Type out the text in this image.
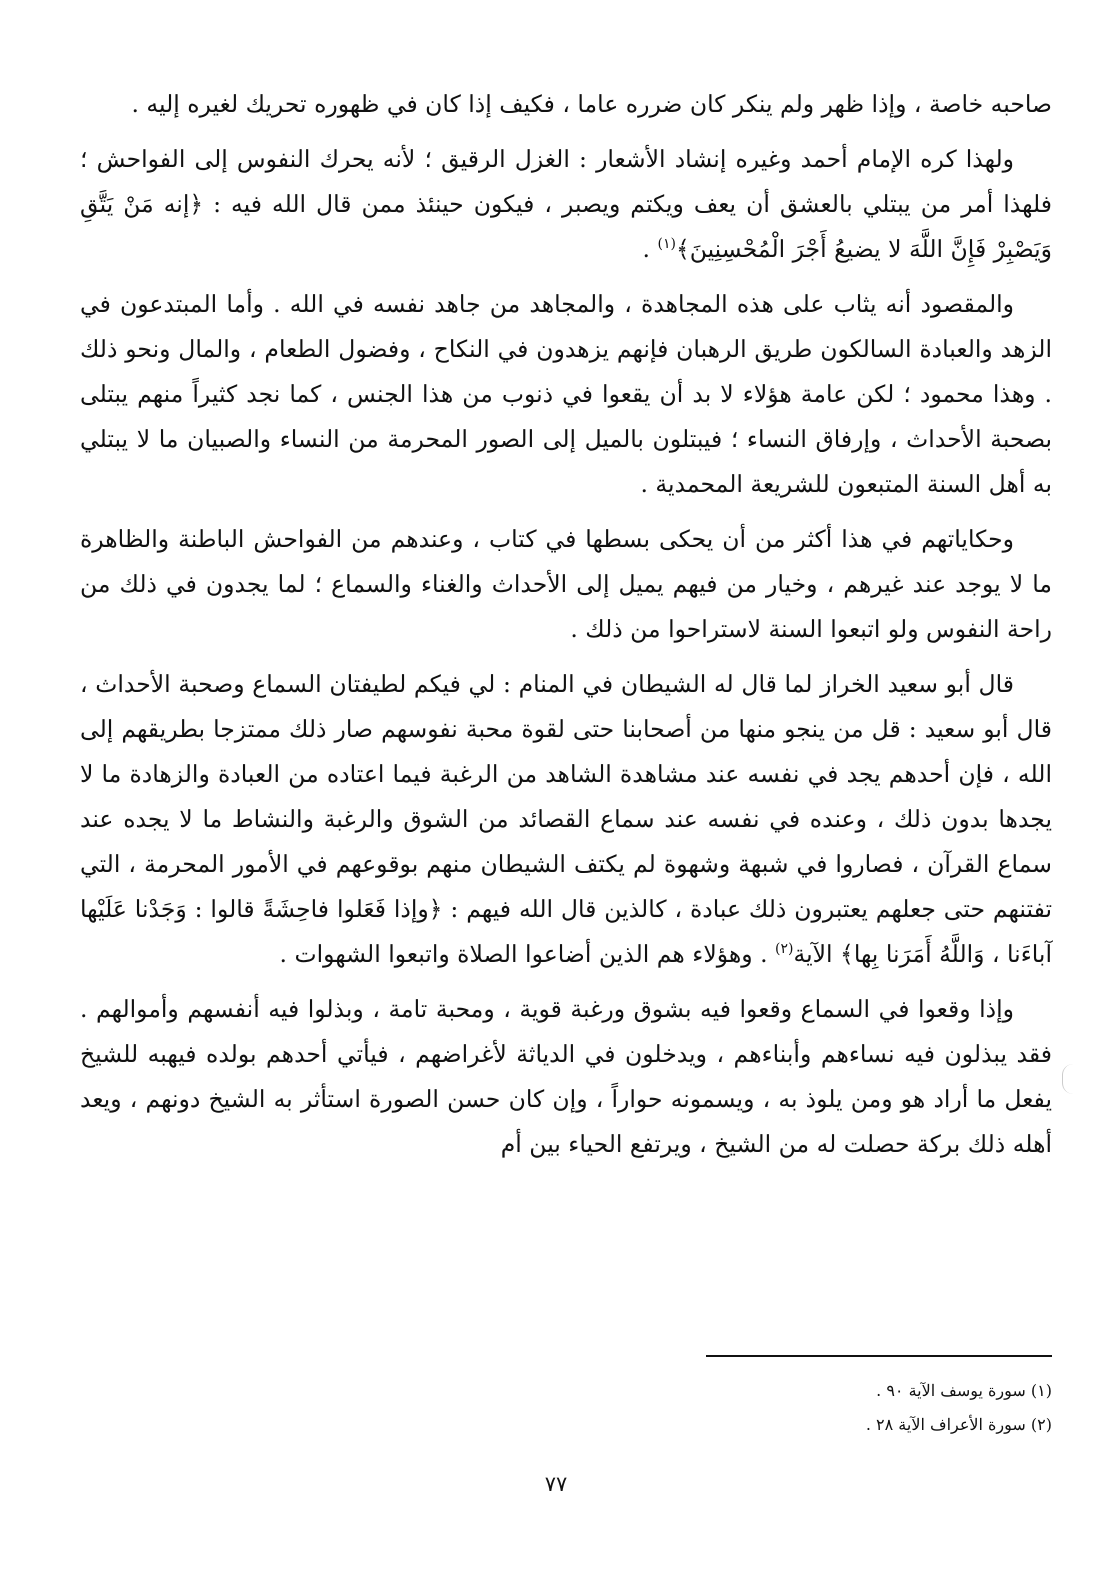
صاحبه خاصة ، وإذا ظهر ولم ينكر كان ضرره عاما ، فكيف إذا كان في ظهوره تحريك لغيره إليه .

ولهذا كره الإمام أحمد وغيره إنشاد الأشعار : الغزل الرقيق ؛ لأنه يحرك النفوس إلى الفواحش ؛ فلهذا أمر من يبتلي بالعشق أن يعف ويكتم ويصبر ، فيكون حينئذ ممن قال الله فيه : ﴿إنه مَنْ يَتَّقِ وَيَصْبِرْ فَإِنَّ اللَّهَ لا يضيعُ أَجْرَ الْمُحْسِنِينَ﴾$^{(١)}$ .

والمقصود أنه يثاب على هذه المجاهدة ، والمجاهد من جاهد نفسه في الله . وأما المبتدعون في الزهد والعبادة السالكون طريق الرهبان فإنهم يزهدون في النكاح ، وفضول الطعام ، والمال ونحو ذلك . وهذا محمود ؛ لكن عامة هؤلاء لا بد أن يقعوا في ذنوب من هذا الجنس ، كما نجد كثيراً منهم يبتلى بصحبة الأحداث ، وإرفاق النساء ؛ فيبتلون بالميل إلى الصور المحرمة من النساء والصبيان ما لا يبتلي به أهل السنة المتبعون للشريعة المحمدية .

وحكاياتهم في هذا أكثر من أن يحكى بسطها في كتاب ، وعندهم من الفواحش الباطنة والظاهرة ما لا يوجد عند غيرهم ، وخيار من فيهم يميل إلى الأحداث والغناء والسماع ؛ لما يجدون في ذلك من راحة النفوس ولو اتبعوا السنة لاستراحوا من ذلك .

قال أبو سعيد الخراز لما قال له الشيطان في المنام : لي فيكم لطيفتان السماع وصحبة الأحداث ، قال أبو سعيد : قل من ينجو منها من أصحابنا حتى لقوة محبة نفوسهم صار ذلك ممتزجا بطريقهم إلى الله ، فإن أحدهم يجد في نفسه عند مشاهدة الشاهد من الرغبة فيما اعتاده من العبادة والزهادة ما لا يجدها بدون ذلك ، وعنده في نفسه عند سماع القصائد من الشوق والرغبة والنشاط ما لا يجده عند سماع القرآن ، فصاروا في شبهة وشهوة لم يكتف الشيطان منهم بوقوعهم في الأمور المحرمة ، التي تفتنهم حتى جعلهم يعتبرون ذلك عبادة ، كالذين قال الله فيهم : ﴿وإذا فَعَلوا فاحِشَةً قالوا : وَجَدْنا عَلَيْها آباءَنا ، وَاللَّهُ أَمَرَنا بِها﴾ الآية$^{(٢)}$ . وهؤلاء هم الذين أضاعوا الصلاة واتبعوا الشهوات .

وإذا وقعوا في السماع وقعوا فيه بشوق ورغبة قوية ، ومحبة تامة ، وبذلوا فيه أنفسهم وأموالهم . فقد يبذلون فيه نساءهم وأبناءهم ، ويدخلون في الدياثة لأغراضهم ، فيأتي أحدهم بولده فيهبه للشيخ يفعل ما أراد هو ومن يلوذ به ، ويسمونه حواراً ، وإن كان حسن الصورة استأثر به الشيخ دونهم ، ويعد أهله ذلك بركة حصلت له من الشيخ ، ويرتفع الحياء بين أم

(١) سورة يوسف الآية ٩٠ .
(٢) سورة الأعراف الآية ٢٨ .
٧٧
